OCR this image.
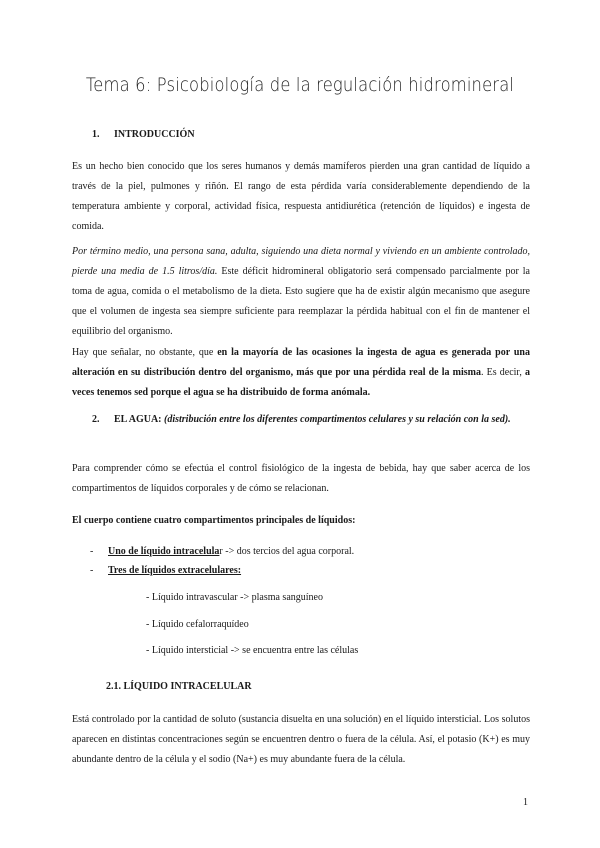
Tema 6: Psicobiología de la regulación hidromineral
1. INTRODUCCIÓN
Es un hecho bien conocido que los seres humanos y demás mamíferos pierden una gran cantidad de líquido a través de la piel, pulmones y riñón. El rango de esta pérdida varía considerablemente dependiendo de la temperatura ambiente y corporal, actividad física, respuesta antidiurética (retención de líquidos) e ingesta de comida.
Por término medio, una persona sana, adulta, siguiendo una dieta normal y viviendo en un ambiente controlado, pierde una media de 1.5 litros/día. Este déficit hidromineral obligatorio será compensado parcialmente por la toma de agua, comida o el metabolismo de la dieta. Esto sugiere que ha de existir algún mecanismo que asegure que el volumen de ingesta sea siempre suficiente para reemplazar la pérdida habitual con el fin de mantener el equilibrio del organismo.
Hay que señalar, no obstante, que en la mayoría de las ocasiones la ingesta de agua es generada por una alteración en su distribución dentro del organismo, más que por una pérdida real de la misma. Es decir, a veces tenemos sed porque el agua se ha distribuido de forma anómala.
2. EL AGUA: (distribución entre los diferentes compartimentos celulares y su relación con la sed).
Para comprender cómo se efectúa el control fisiológico de la ingesta de bebida, hay que saber acerca de los compartimentos de líquidos corporales y de cómo se relacionan.
El cuerpo contiene cuatro compartimentos principales de líquidos:
- Uno de líquido intracelular -> dos tercios del agua corporal.
- Tres de líquidos extracelulares:
- Líquido intravascular -> plasma sanguíneo
- Líquido cefalorraquídeo
- Líquido intersticial -> se encuentra entre las células
2.1. LÍQUIDO INTRACELULAR
Está controlado por la cantidad de soluto (sustancia disuelta en una solución) en el líquido intersticial. Los solutos aparecen en distintas concentraciones según se encuentren dentro o fuera de la célula. Así, el potasio (K+) es muy abundante dentro de la célula y el sodio (Na+) es muy abundante fuera de la célula.
1
